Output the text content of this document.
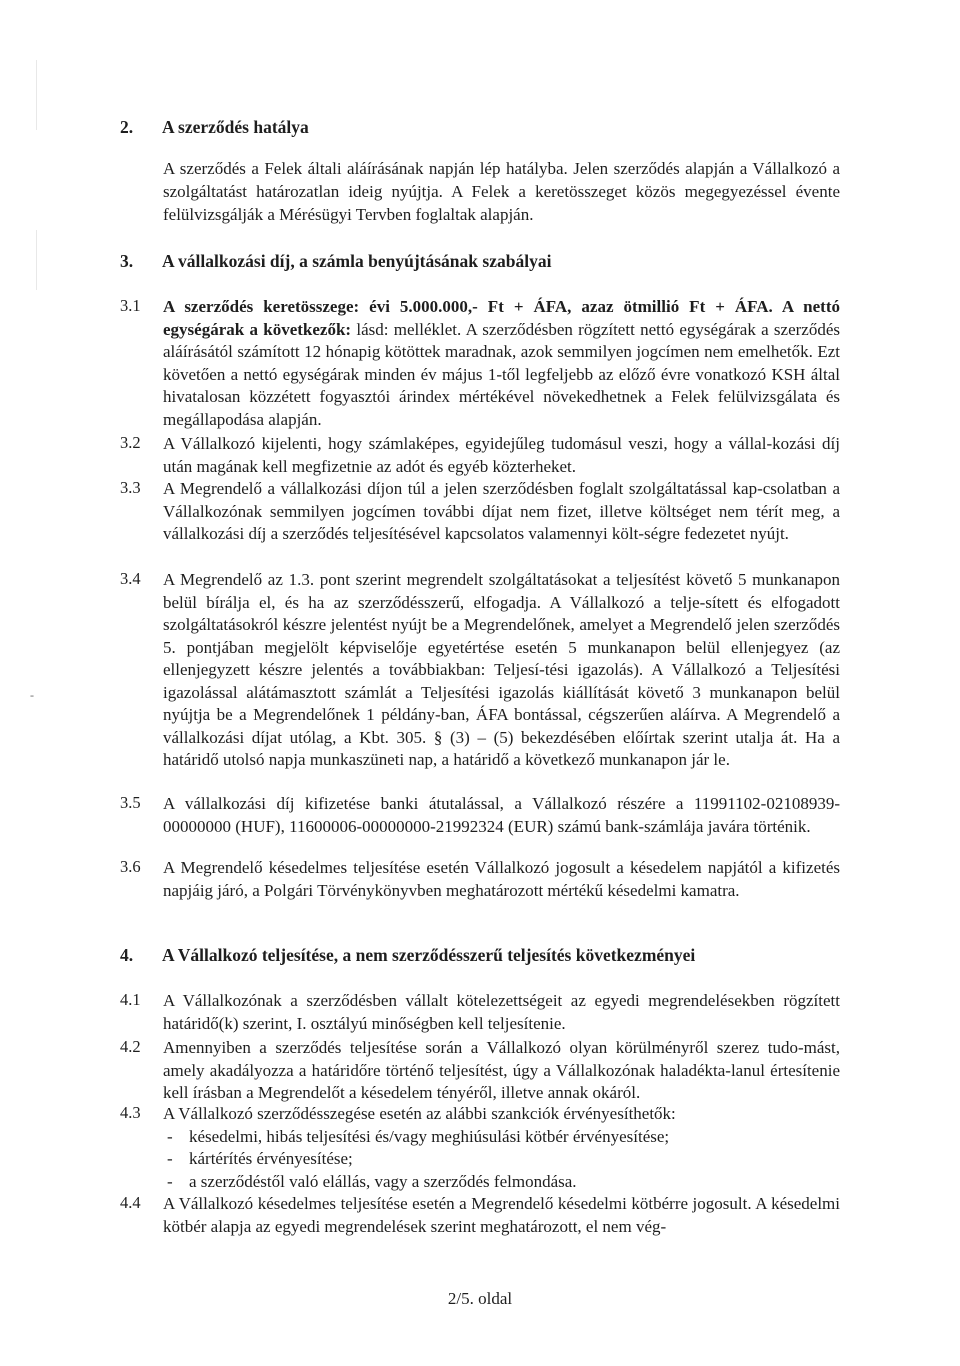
2. A szerződés hatálya
A szerződés a Felek általi aláírásának napján lép hatályba. Jelen szerződés alapján a Vállalkozó a szolgáltatást határozatlan ideig nyújtja. A Felek a keretösszeget közös megegyezéssel évente felülvizsgálják a Mérésügyi Tervben foglaltak alapján.
3. A vállalkozási díj, a számla benyújtásának szabályai
3.1 A szerződés keretösszege: évi 5.000.000,- Ft + ÁFA, azaz ötmillió Ft + ÁFA. A nettó egységárak a következők: lásd: melléklet. A szerződésben rögzített nettó egységárak a szerződés aláírásától számított 12 hónapig kötöttek maradnak, azok semmilyen jogcímen nem emelhetők. Ezt követően a nettó egységárak minden év május 1-től legfeljebb az előző évre vonatkozó KSH által hivatalosan közzétett fogyasztói árindex mértékével növekedhetnek a Felek felülvizsgálata és megállapodása alapján.
3.2 A Vállalkozó kijelenti, hogy számlaképes, egyidejűleg tudomásul veszi, hogy a vállal-kozási díj után magának kell megfizetnie az adót és egyéb közterheket.
3.3 A Megrendelő a vállalkozási díjon túl a jelen szerződésben foglalt szolgáltatással kap-csolatban a Vállalkozónak semmilyen jogcímen további díjat nem fizet, illetve költséget nem térít meg, a vállalkozási díj a szerződés teljesítésével kapcsolatos valamennyi költ-ségre fedezetet nyújt.
3.4 A Megrendelő az 1.3. pont szerint megrendelt szolgáltatásokat a teljesítést követő 5 munkanapon belül bírálja el, és ha az szerződésszerű, elfogadja. A Vállalkozó a telje-sített és elfogadott szolgáltatásokról készre jelentést nyújt be a Megrendelőnek, amelyet a Megrendelő jelen szerződés 5. pontjában megjelölt képviselője egyetértése esetén 5 munkanapon belül ellenjegyez (az ellenjegyzett készre jelentés a továbbiakban: Teljesí-tési igazolás). A Vállalkozó a Teljesítési igazolással alátámasztott számlát a Teljesítési igazolás kiállítását követő 3 munkanapon belül nyújtja be a Megrendelőnek 1 példány-ban, ÁFA bontással, cégszerűen aláírva. A Megrendelő a vállalkozási díjat utólag, a Kbt. 305. § (3) – (5) bekezdésében előírtak szerint utalja át. Ha a határidő utolsó napja munkaszüneti nap, a határidő a következő munkanapon jár le.
3.5 A vállalkozási díj kifizetése banki átutalással, a Vállalkozó részére a 11991102-02108939-00000000 (HUF), 11600006-00000000-21992324 (EUR) számú bank-számlája javára történik.
3.6 A Megrendelő késedelmes teljesítése esetén Vállalkozó jogosult a késedelem napjától a kifizetés napjáig járó, a Polgári Törvénykönyvben meghatározott mértékű késedelmi kamatra.
4. A Vállalkozó teljesítése, a nem szerződésszerű teljesítés következményei
4.1 A Vállalkozónak a szerződésben vállalt kötelezettségeit az egyedi megrendelésekben rögzített határidő(k) szerint, I. osztályú minőségben kell teljesítenie.
4.2 Amennyiben a szerződés teljesítése során a Vállalkozó olyan körülményről szerez tudo-mást, amely akadályozza a határidőre történő teljesítést, úgy a Vállalkozónak haladékta-lanul értesítenie kell írásban a Megrendelőt a késedelem tényéről, illetve annak okáról.
4.3 A Vállalkozó szerződésszegése esetén az alábbi szankciók érvényesíthetők:
- késedelmi, hibás teljesítési és/vagy meghiúsulási kötbér érvényesítése;
- kártérítés érvényesítése;
- a szerződéstől való elállás, vagy a szerződés felmondása.
4.4 A Vállalkozó késedelmes teljesítése esetén a Megrendelő késedelmi kötbérre jogosult. A késedelmi kötbér alapja az egyedi megrendelések szerint meghatározott, el nem vég-
-
2/5. oldal
